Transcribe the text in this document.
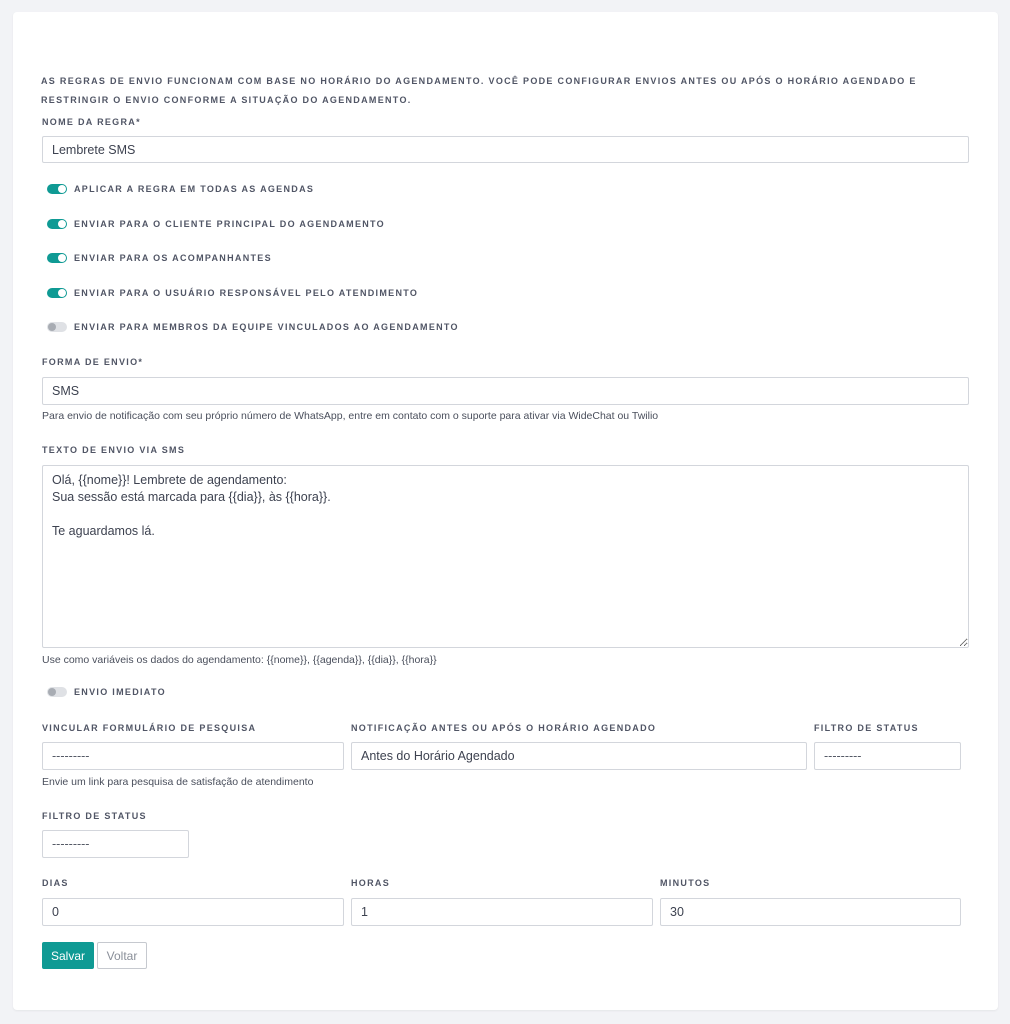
AS REGRAS DE ENVIO FUNCIONAM COM BASE NO HORÁRIO DO AGENDAMENTO. VOCÊ PODE CONFIGURAR ENVIOS ANTES OU APÓS O HORÁRIO AGENDADO E RESTRINGIR O ENVIO CONFORME A SITUAÇÃO DO AGENDAMENTO.
NOME DA REGRA*
Lembrete SMS
APLICAR A REGRA EM TODAS AS AGENDAS
ENVIAR PARA O CLIENTE PRINCIPAL DO AGENDAMENTO
ENVIAR PARA OS ACOMPANHANTES
ENVIAR PARA O USUÁRIO RESPONSÁVEL PELO ATENDIMENTO
ENVIAR PARA MEMBROS DA EQUIPE VINCULADOS AO AGENDAMENTO
FORMA DE ENVIO*
SMS
Para envio de notificação com seu próprio número de WhatsApp, entre em contato com o suporte para ativar via WideChat ou Twilio
TEXTO DE ENVIO VIA SMS
Olá, {{nome}}! Lembrete de agendamento: Sua sessão está marcada para {{dia}}, às {{hora}}. Te aguardamos lá.
Use como variáveis os dados do agendamento: {{nome}}, {{agenda}}, {{dia}}, {{hora}}
ENVIO IMEDIATO
VINCULAR FORMULÁRIO DE PESQUISA
---------
Envie um link para pesquisa de satisfação de atendimento
NOTIFICAÇÃO ANTES OU APÓS O HORÁRIO AGENDADO
Antes do Horário Agendado
FILTRO DE STATUS
---------
FILTRO DE STATUS
---------
DIAS
0
HORAS
1
MINUTOS
30
Salvar	Voltar
